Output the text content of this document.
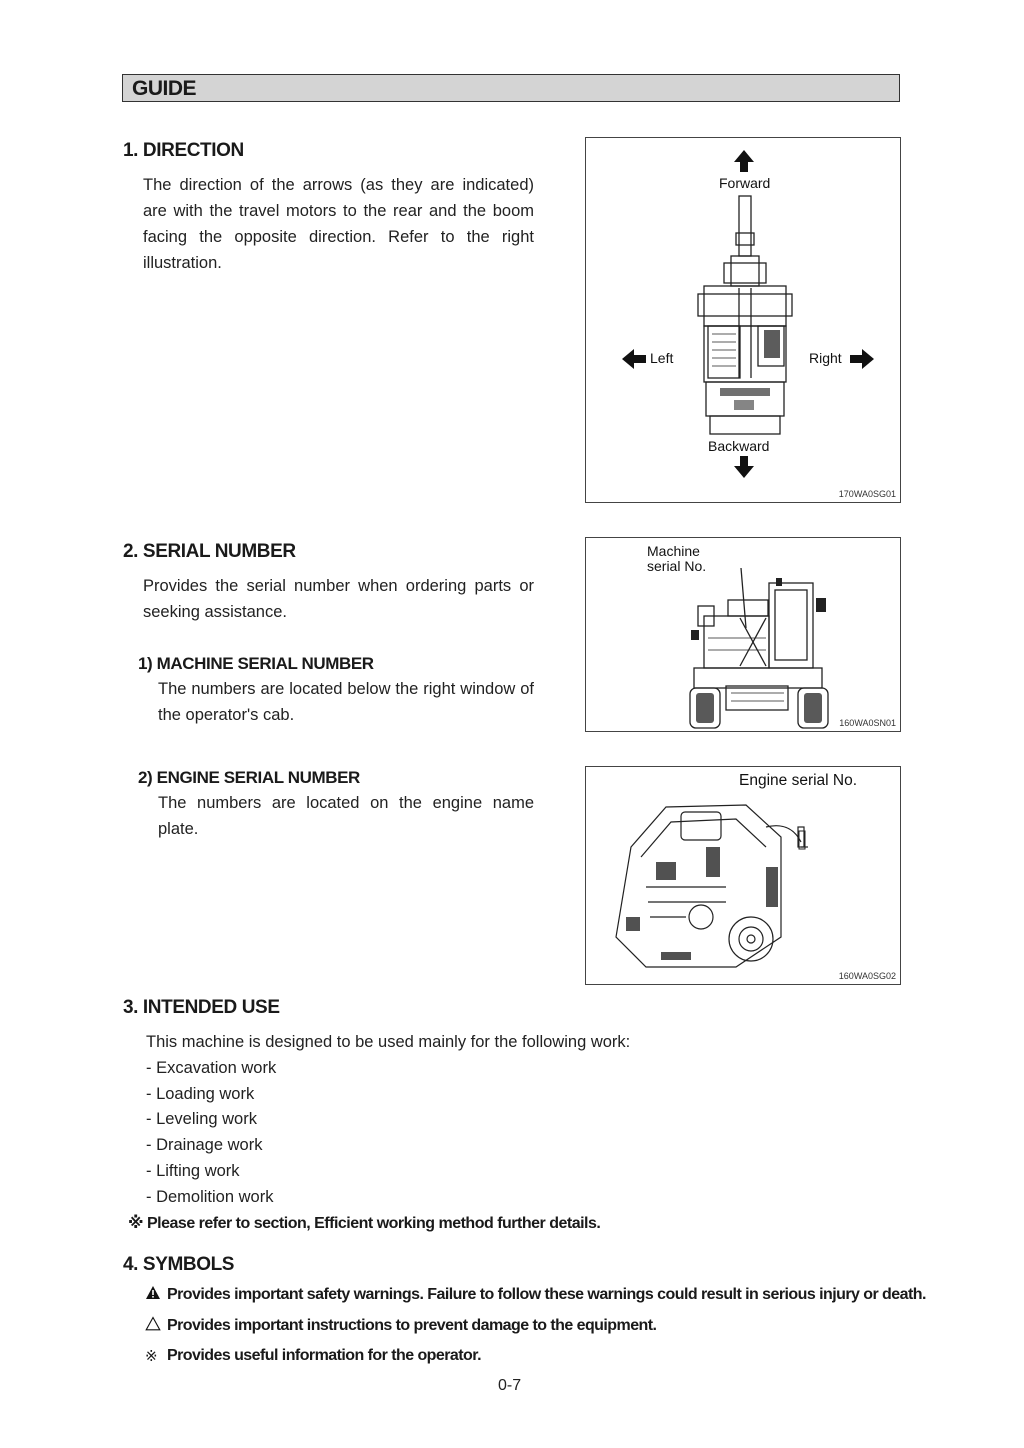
GUIDE
1. DIRECTION

The direction of the arrows (as they are indicated) are with the travel motors to the rear and the boom facing the opposite direction. Refer to the right illustration.

Forward
Left	Right
Backward
170WA0SG01
2. SERIAL NUMBER

Provides the serial number when ordering parts or seeking assistance.

1) MACHINE SERIAL NUMBER

The numbers are located below the right window of the operator's cab.

Machine
serial No.
160WA0SN01
2) ENGINE SERIAL NUMBER

The numbers are located on the engine name plate.

Engine serial No.
160WA0SG02
3. INTENDED USE
This machine is designed to be used mainly for the following work:
- Excavation work
- Loading work
- Leveling work
- Drainage work
- Lifting work
- Demolition work
※ Please refer to section, Efficient working method further details.
4. SYMBOLS
Provides important safety warnings. Failure to follow these warnings could result in serious injury or death.
Provides important instructions to prevent damage to the equipment.
※ Provides useful information for the operator.
0-7
